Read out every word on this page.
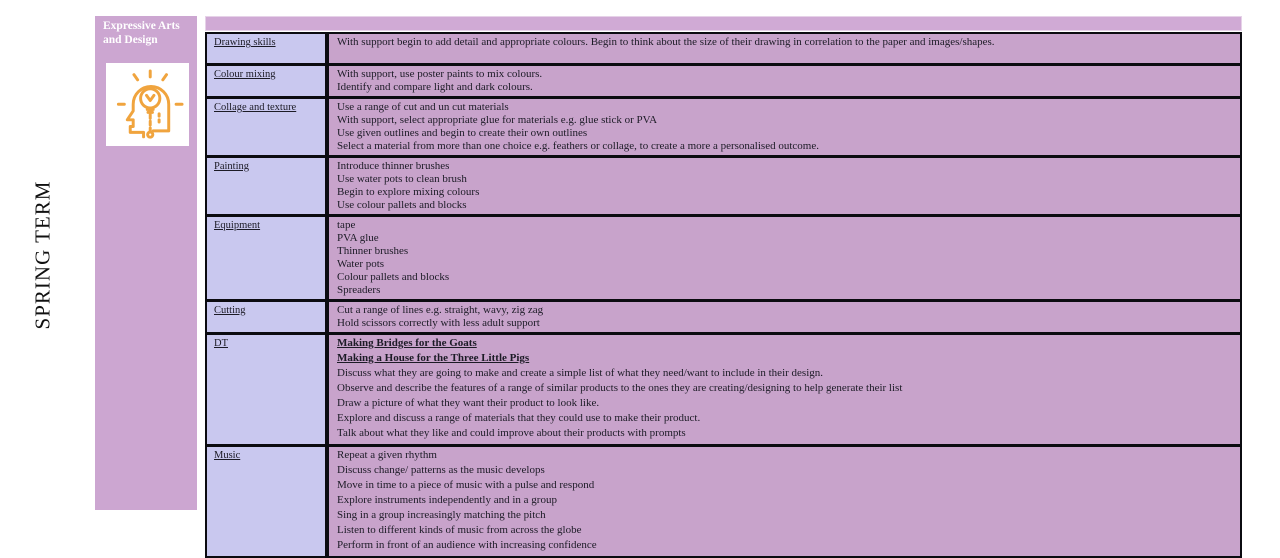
SPRING TERM
Expressive Arts and Design	Drawing skills	With support begin to add detail and appropriate colours. Begin to think about the size of their drawing in correlation to the paper and images/shapes.

Colour mixing	With support, use poster paints to mix colours.

Identify and compare light and dark colours.

Collage and texture	Use a range of cut and un cut materials

With support, select appropriate glue for materials e.g. glue stick or PVA

Use given outlines and begin to create their own outlines

Select a material from more than one choice e.g. feathers or collage, to create a more a personalised outcome.

Painting	Introduce thinner brushes

Use water pots to clean brush

Begin to explore mixing colours

Use colour pallets and blocks

Equipment	tape

PVA glue

Thinner brushes

Water pots

Colour pallets and blocks

Spreaders

Cutting	Cut a range of lines e.g. straight, wavy, zig zag

Hold scissors correctly with less adult support

DT	Making Bridges for the Goats

Making a House for the Three Little Pigs

Discuss what they are going to make and create a simple list of what they need/want to include in their design.

Observe and describe the features of a range of similar products to the ones they are creating/designing to help generate their list

Draw a picture of what they want their product to look like.

Explore and discuss a range of materials that they could use to make their product.

Talk about what they like and could improve about their products with prompts

Music	Repeat a given rhythm

Discuss change/ patterns as the music develops

Move in time to a piece of music with a pulse and respond

Explore instruments independently and in a group

Sing in a group increasingly matching the pitch

Listen to different kinds of music from across the globe

Perform in front of an audience with increasing confidence
